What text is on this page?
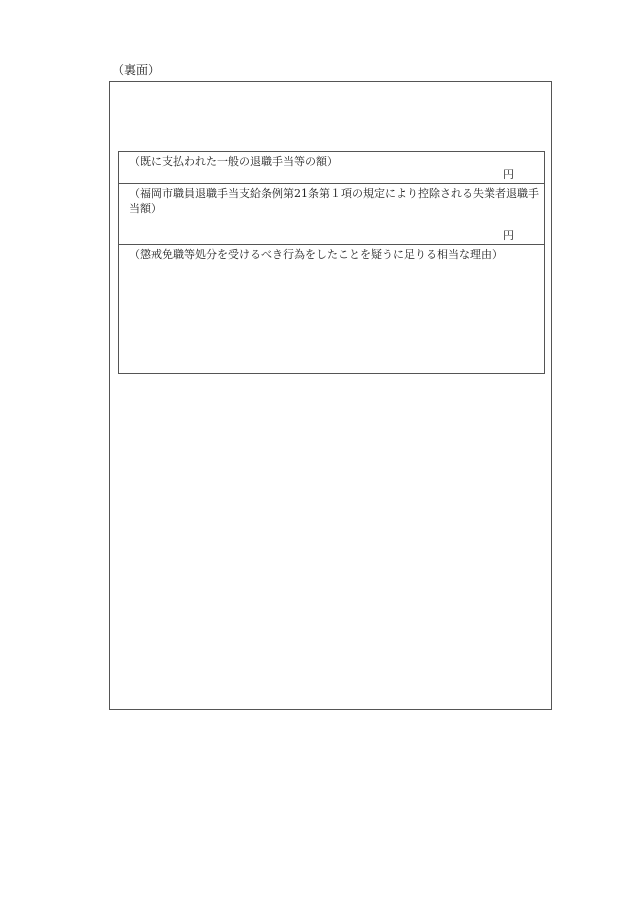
（裏面）
（既に支払われた一般の退職手当等の額）
円
（福岡市職員退職手当支給条例第21条第１項の規定により控除される失業者退職手当額）
円
（懲戒免職等処分を受けるべき行為をしたことを疑うに足りる相当な理由）
